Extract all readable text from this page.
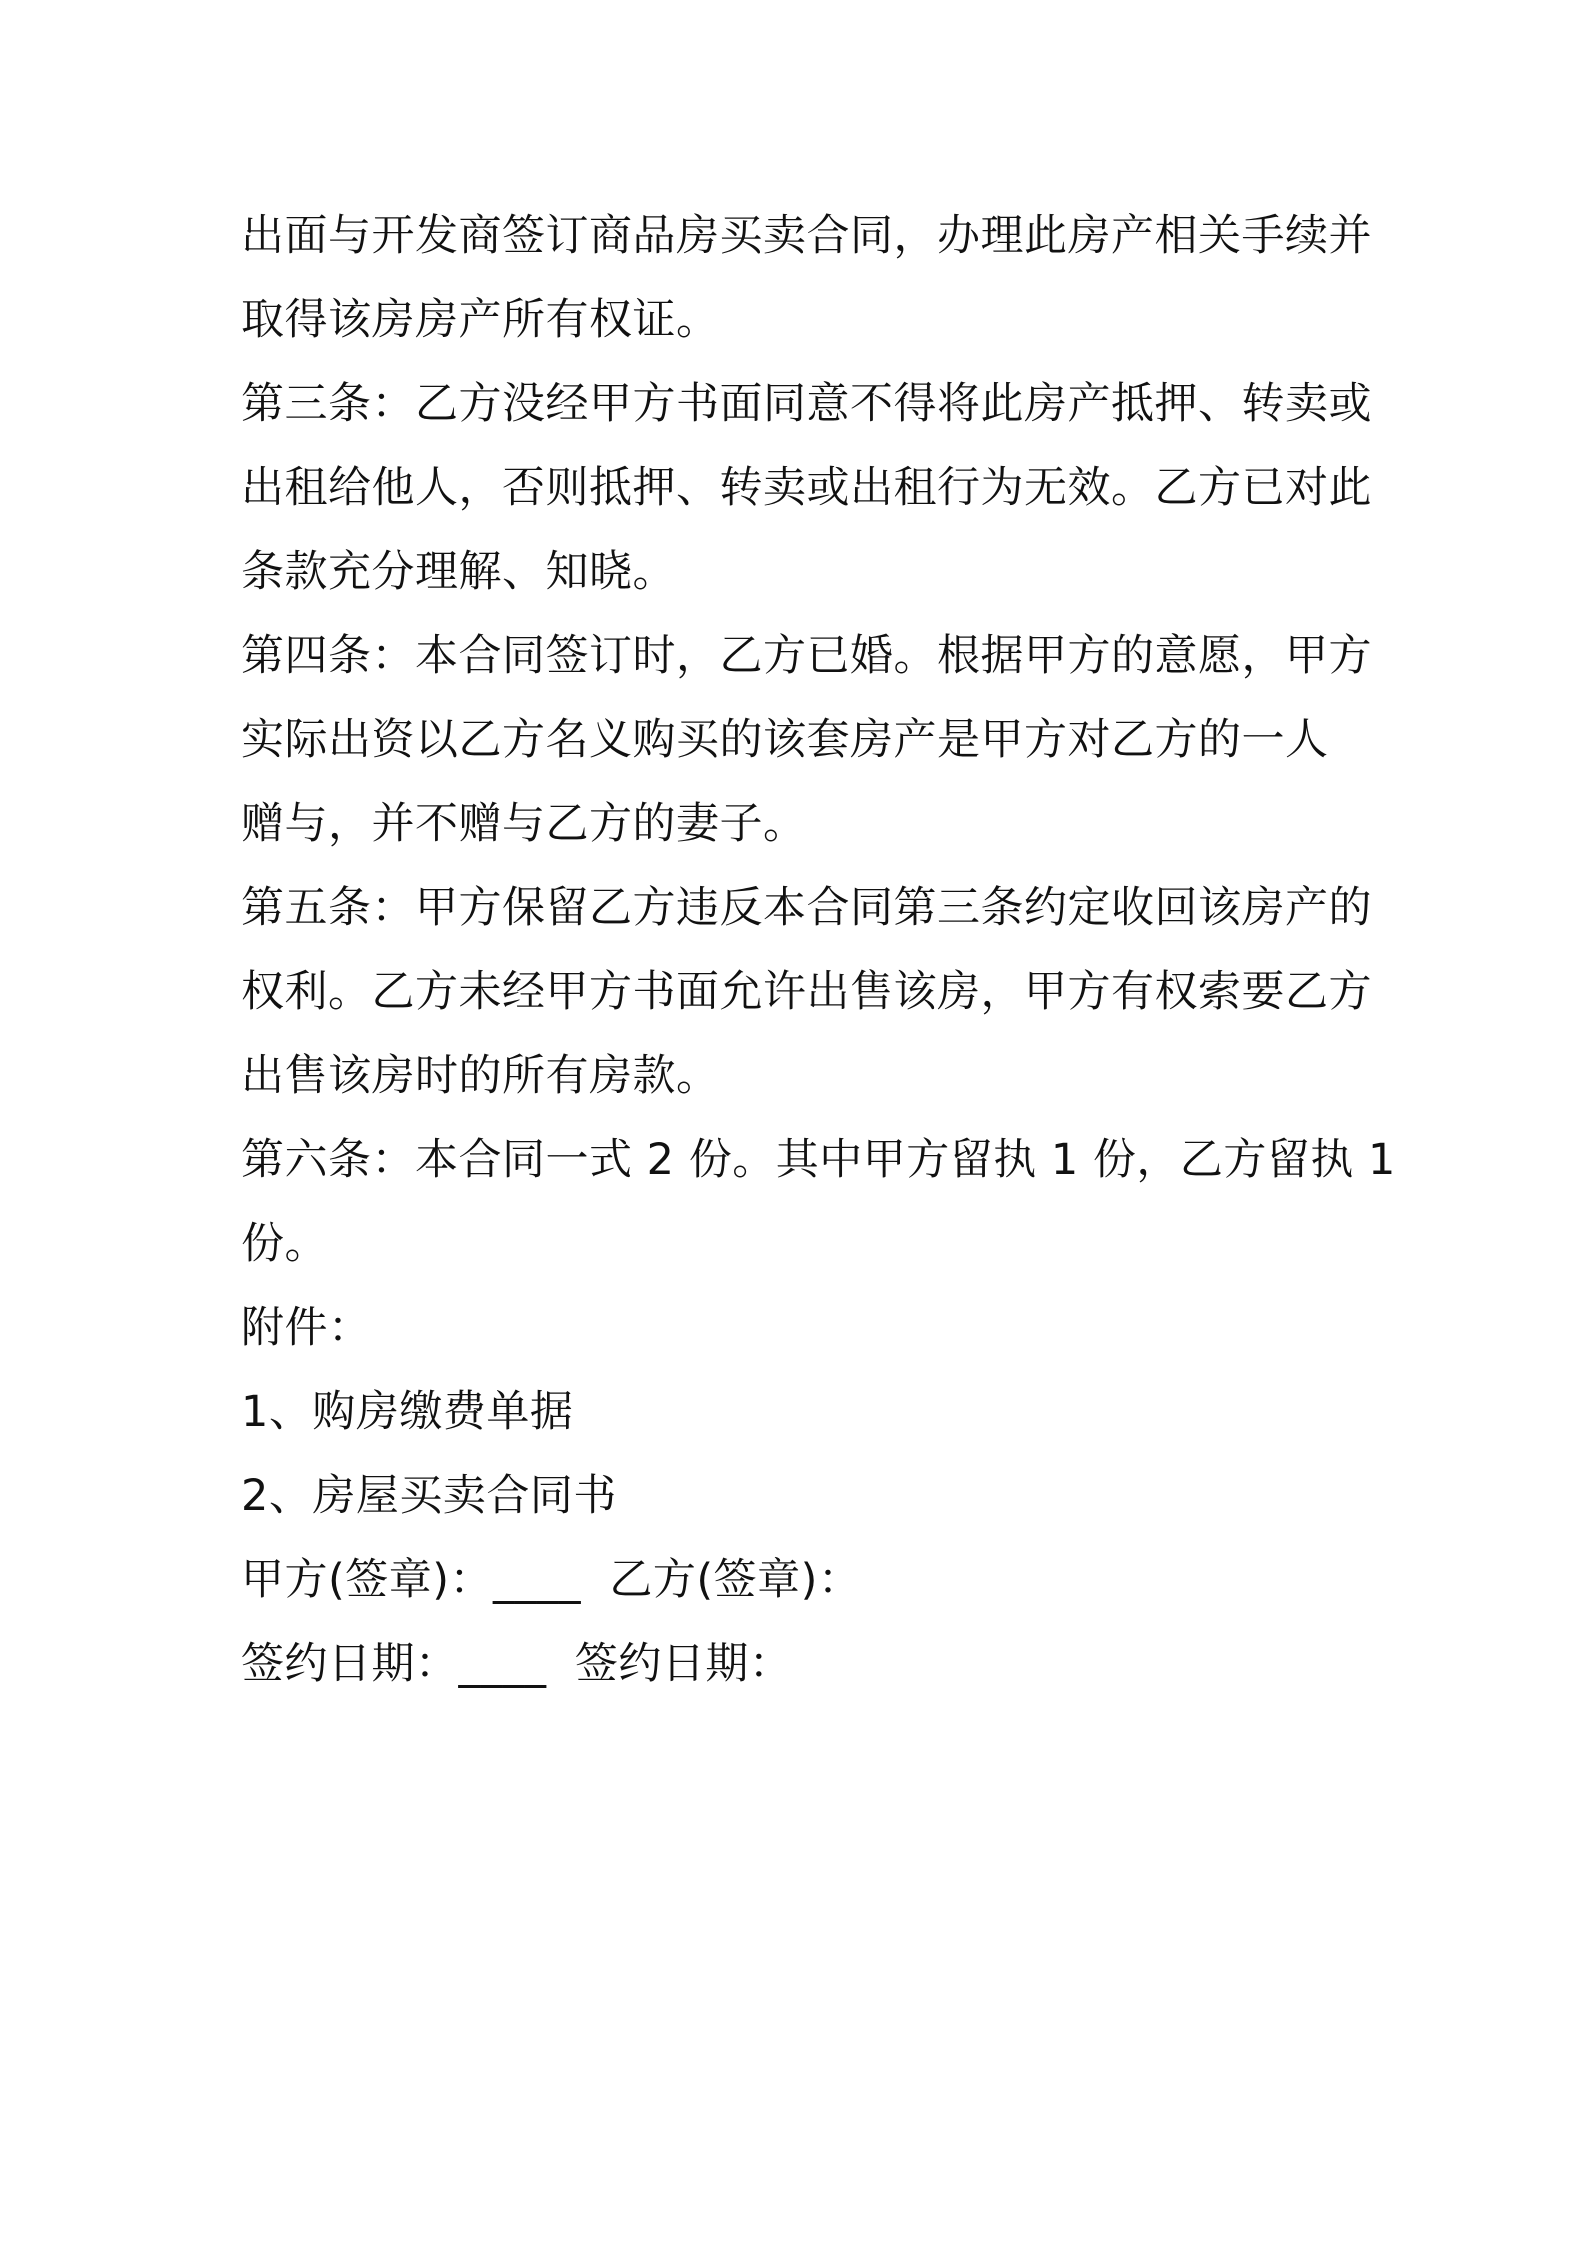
出面与开发商签订商品房买卖合同，办理此房产相关手续并
取得该房房产所有权证。

第三条：乙方没经甲方书面同意不得将此房产抵押、转卖或
出租给他人，否则抵押、转卖或出租行为无效。乙方已对此
条款充分理解、知晓。

第四条：本合同签订时，乙方已婚。根据甲方的意愿，甲方
实际出资以乙方名义购买的该套房产是甲方对乙方的一人
赠与，并不赠与乙方的妻子。

第五条：甲方保留乙方违反本合同第三条约定收回该房产的
权利。乙方未经甲方书面允许出售该房，甲方有权索要乙方
出售该房时的所有房款。

第六条：本合同一式 2 份。其中甲方留执 1 份，乙方留执 1
份。

附件：

1、购房缴费单据

2、房屋买卖合同书

甲方(签章)：____  乙方(签章)：

签约日期：____  签约日期：
